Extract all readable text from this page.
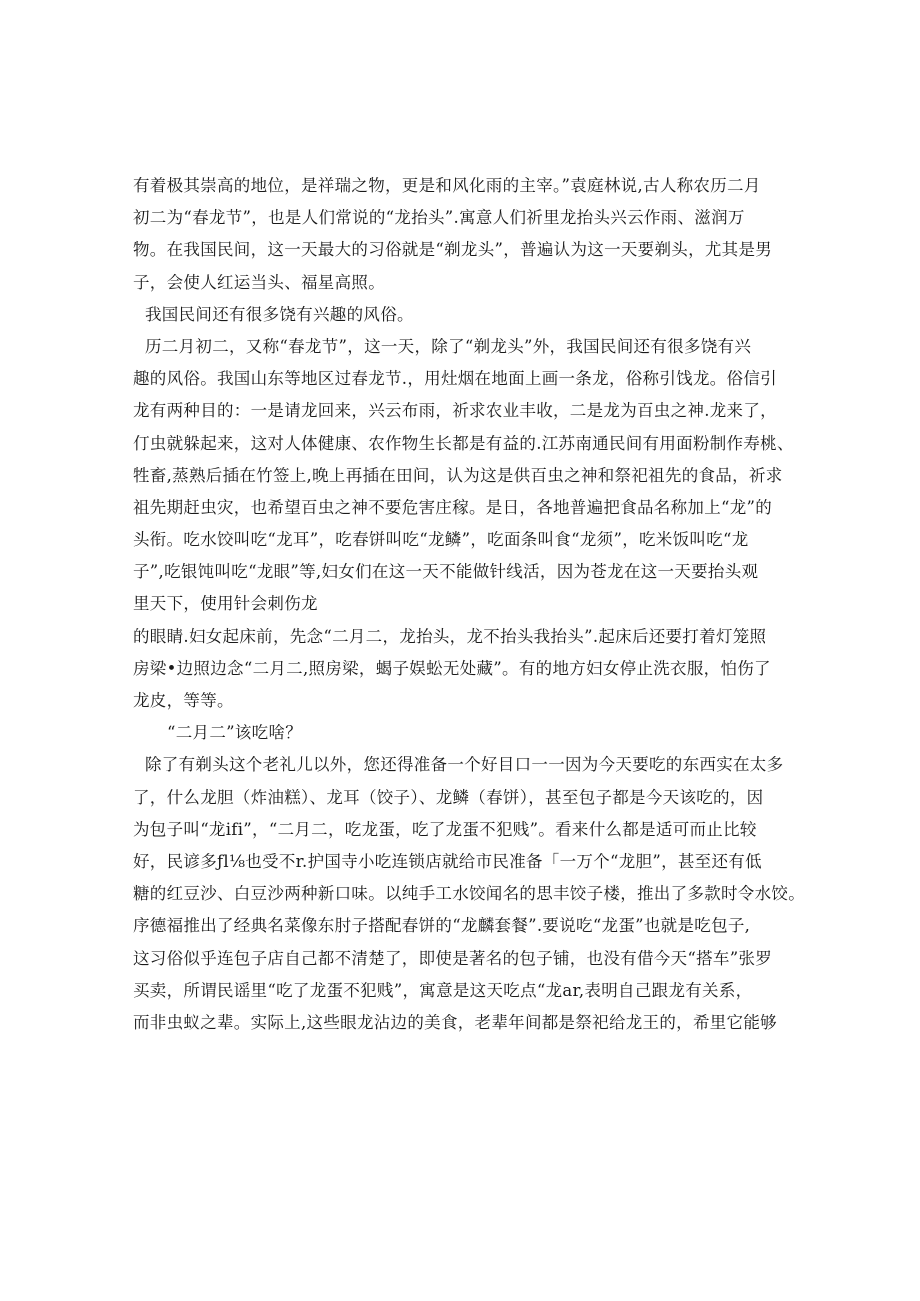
有着极其崇高的地位，是祥瑞之物，更是和风化雨的主宰。”袁庭林说,古人称农历二月
初二为“春龙节”，也是人们常说的“龙抬头”.寓意人们祈里龙抬头兴云作雨、滋润万
物。在我国民间，这一天最大的习俗就是“剃龙头”，普遍认为这一天要剃头，尤其是男
子，会使人红运当头、福星高照。
我国民间还有很多饶有兴趣的风俗。
历二月初二，又称“春龙节”，这一天，除了“剃龙头”外，我国民间还有很多饶有兴
趣的风俗。我国山东等地区过春龙节.，用灶烟在地面上画一条龙，俗称引饯龙。俗信引
龙有两种目的：一是请龙回来，兴云布雨，祈求农业丰收，二是龙为百虫之神.龙来了，
仃虫就躲起来，这对人体健康、农作物生长都是有益的.江苏南通民间有用面粉制作寿桃、
牲畜,蒸熟后插在竹签上,晚上再插在田间，认为这是供百虫之神和祭祀祖先的食品，祈求
祖先期赶虫灾，也希望百虫之神不要危害庄稼。是日，各地普遍把食品名称加上“龙”的
头衔。吃水饺叫吃“龙耳”，吃春饼叫吃“龙鳞”，吃面条叫食“龙须”，吃米饭叫吃“龙
子”,吃银饨叫吃“龙眼”等,妇女们在这一天不能做针线活，因为苍龙在这一天要抬头观
里天下，使用针会刺伤龙
的眼睛.妇女起床前，先念“二月二，龙抬头，龙不抬头我抬头”.起床后还要打着灯笼照
房梁•边照边念“二月二,照房梁，蝎子娱蚣无处藏”。有的地方妇女停止洗衣服，怕伤了
龙皮，等等。
“二月二”该吃啥？
除了有剃头这个老礼儿以外，您还得准备一个好目口一一因为今天要吃的东西实在太多
了，什么龙胆（炸油糕）、龙耳（饺子）、龙鳞（春饼），甚至包子都是今天该吃的，因
为包子叫“龙ifi”，“二月二，吃龙蛋，吃了龙蛋不犯贱”。看来什么都是适可而止比较
好，民谚多ƒl⅛也受不r.护国寺小吃连锁店就给市民准备「一万个“龙胆”，甚至还有低
糖的红豆沙、白豆沙两种新口味。以纯手工水饺闻名的思丰饺子楼，推出了多款时令水饺。
序德福推出了经典名菜像东肘子搭配春饼的“龙麟套餐”.要说吃“龙蛋”也就是吃包子,
这习俗似乎连包子店自己都不清楚了，即使是著名的包子铺，也没有借今天“搭车”张罗
买卖，所谓民谣里“吃了龙蛋不犯贱”，寓意是这天吃点“龙ar,表明自己跟龙有关系，
而非虫蚁之辈。实际上,这些眼龙沾边的美食，老辈年间都是祭祀给龙王的，希里它能够
